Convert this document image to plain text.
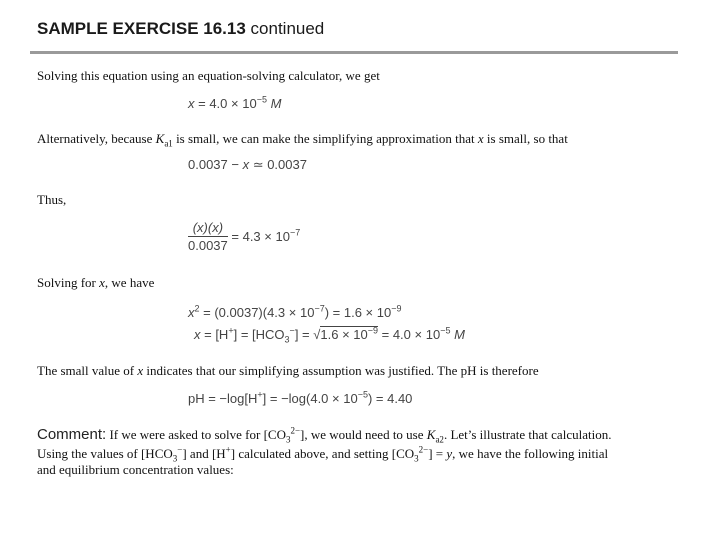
SAMPLE EXERCISE 16.13 continued
Solving this equation using an equation-solving calculator, we get
$x = 4.0 \times 10^{-5}$ M
Alternatively, because $K_{a1}$ is small, we can make the simplifying approximation that x is small, so that
0.0037 − x ≃ 0.0037
Thus,
$\frac{(x)(x)}{0.0037} = 4.3 \times 10^{-7}$
Solving for x, we have
$x^2 = (0.0037)(4.3 \times 10^{-7}) = 1.6 \times 10^{-9}$
$x = [H^+] = [HCO_3^-] = √1.6 \times 10^{-9} = 4.0 \times 10^{-5}$ M
The small value of x indicates that our simplifying assumption was justified. The pH is therefore
pH = $-\log[H^+] = -\log(4.0 \times 10^{-5}) = 4.40$
Comment: If we were asked to solve for $[CO_3^{2-}]$, we would need to use $K_{a2}$. Let’s illustrate that calculation.
Using the values of $[HCO_3^-]$ and [H+] calculated above, and setting $[CO_3^{2-}] = y$, we have the following initial
and equilibrium concentration values:
